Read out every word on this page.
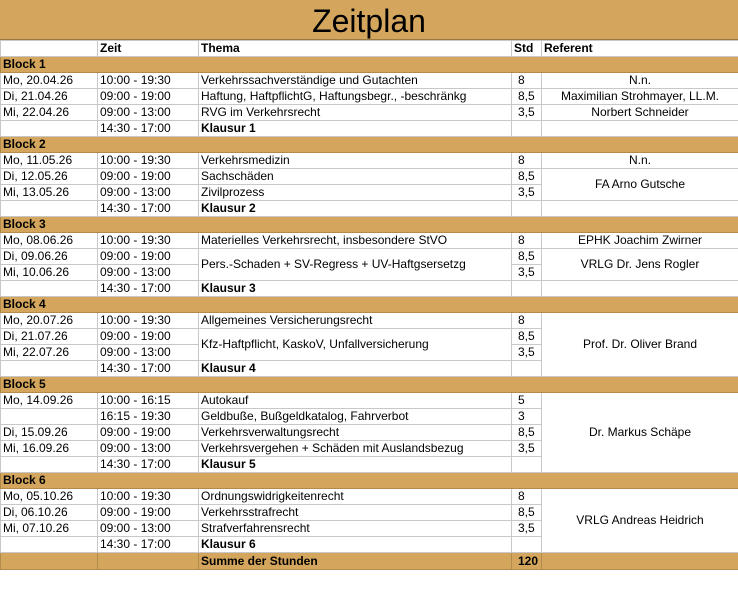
Zeitplan
	Zeit	Thema	Std	Referent
Block 1				
Mo, 20.04.26	10:00 - 19:30	Verkehrssachverständige und Gutachten	8	N.n.
Di, 21.04.26	09:00 - 19:00	Haftung, HaftpflichtG, Haftungsbegr., -beschränkg	8,5	Maximilian Strohmayer, LL.M.
Mi, 22.04.26	09:00 - 13:00	RVG im Verkehrsrecht	3,5	Norbert Schneider
	14:30 - 17:00	Klausur 1		
Block 2				
Mo, 11.05.26	10:00 - 19:30	Verkehrsmedizin	8	N.n.
Di, 12.05.26	09:00 - 19:00	Sachschäden	8,5	FA Arno Gutsche
Mi, 13.05.26	09:00 - 13:00	Zivilprozess	3,5	
	14:30 - 17:00	Klausur 2		
Block 3				
Mo, 08.06.26	10:00 - 19:30	Materielles Verkehrsrecht, insbesondere StVO	8	EPHK Joachim Zwirner
Di, 09.06.26	09:00 - 19:00	Pers.-Schaden + SV-Regress + UV-Haftgsersetzg	8,5	VRLG Dr. Jens Rogler
Mi, 10.06.26	09:00 - 13:00		3,5	
	14:30 - 17:00	Klausur 3		
Block 4				
Mo, 20.07.26	10:00 - 19:30	Allgemeines Versicherungsrecht	8	Prof. Dr. Oliver Brand
Di, 21.07.26	09:00 - 19:00	Kfz-Haftpflicht, KaskoV, Unfallversicherung	8,5	
Mi, 22.07.26	09:00 - 13:00		3,5	
	14:30 - 17:00	Klausur 4		
Block 5				
Mo, 14.09.26	10:00 - 16:15	Autokauf	5	Dr. Markus Schäpe
	16:15 - 19:30	Geldbuße, Bußgeldkatalog, Fahrverbot	3	
Di, 15.09.26	09:00 - 19:00	Verkehrsverwaltungsrecht	8,5	
Mi, 16.09.26	09:00 - 13:00	Verkehrsvergehen + Schäden mit Auslandsbezug	3,5	
	14:30 - 17:00	Klausur 5		
Block 6				
Mo, 05.10.26	10:00 - 19:30	Ordnungswidrigkeitenrecht	8	VRLG Andreas Heidrich
Di, 06.10.26	09:00 - 19:00	Verkehrsstrafrecht	8,5	
Mi, 07.10.26	09:00 - 13:00	Strafverfahrensrecht	3,5	
	14:30 - 17:00	Klausur 6		
		Summe der Stunden	120	
